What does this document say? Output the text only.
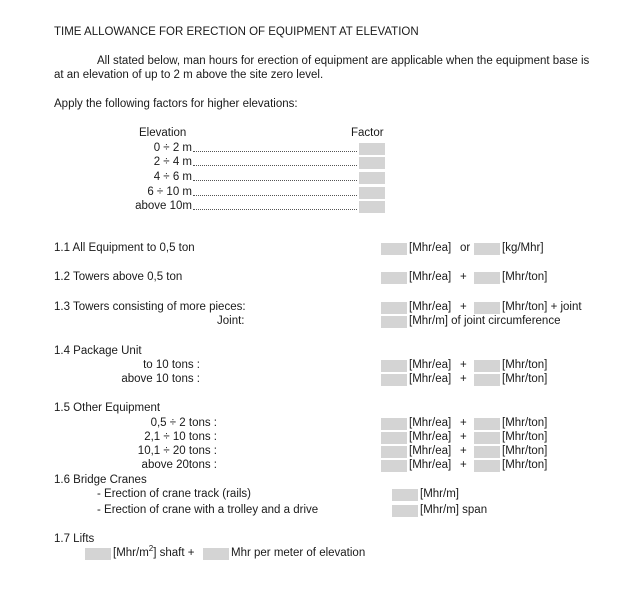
TIME ALLOWANCE FOR ERECTION OF EQUIPMENT AT ELEVATION
All stated below, man hours for erection of equipment are applicable when the equipment base is
at an elevation of up to 2 m above the site zero level.
Apply the following factors for higher elevations:
Elevation	Factor
0 ÷ 2 m
2 ÷ 4 m
4 ÷ 6 m
6 ÷ 10 m
above 10m
1.1 All Equipment to 0,5 ton	[Mhr/ea] or	[kg/Mhr]
1.2 Towers above 0,5 ton	[Mhr/ea] +	[Mhr/ton]
1.3 Towers consisting of more pieces:	[Mhr/ea] +	[Mhr/ton] + joint
Joint:	[Mhr/m] of joint circumference
1.4 Package Unit
to 10 tons :	[Mhr/ea] +	[Mhr/ton]
above 10 tons :	[Mhr/ea] +	[Mhr/ton]
1.5 Other Equipment
0,5 ÷ 2 tons :	[Mhr/ea] +	[Mhr/ton]
2,1 ÷ 10 tons :	[Mhr/ea] +	[Mhr/ton]
10,1 ÷ 20 tons :	[Mhr/ea] +	[Mhr/ton]
above 20tons :	[Mhr/ea] +	[Mhr/ton]
1.6 Bridge Cranes
- Erection of crane track (rails)	[Mhr/m]
- Erection of crane with a trolley and a drive	[Mhr/m] span
1.7 Lifts
$[Mhr/m^2]$ shaft +	Mhr per meter of elevation
